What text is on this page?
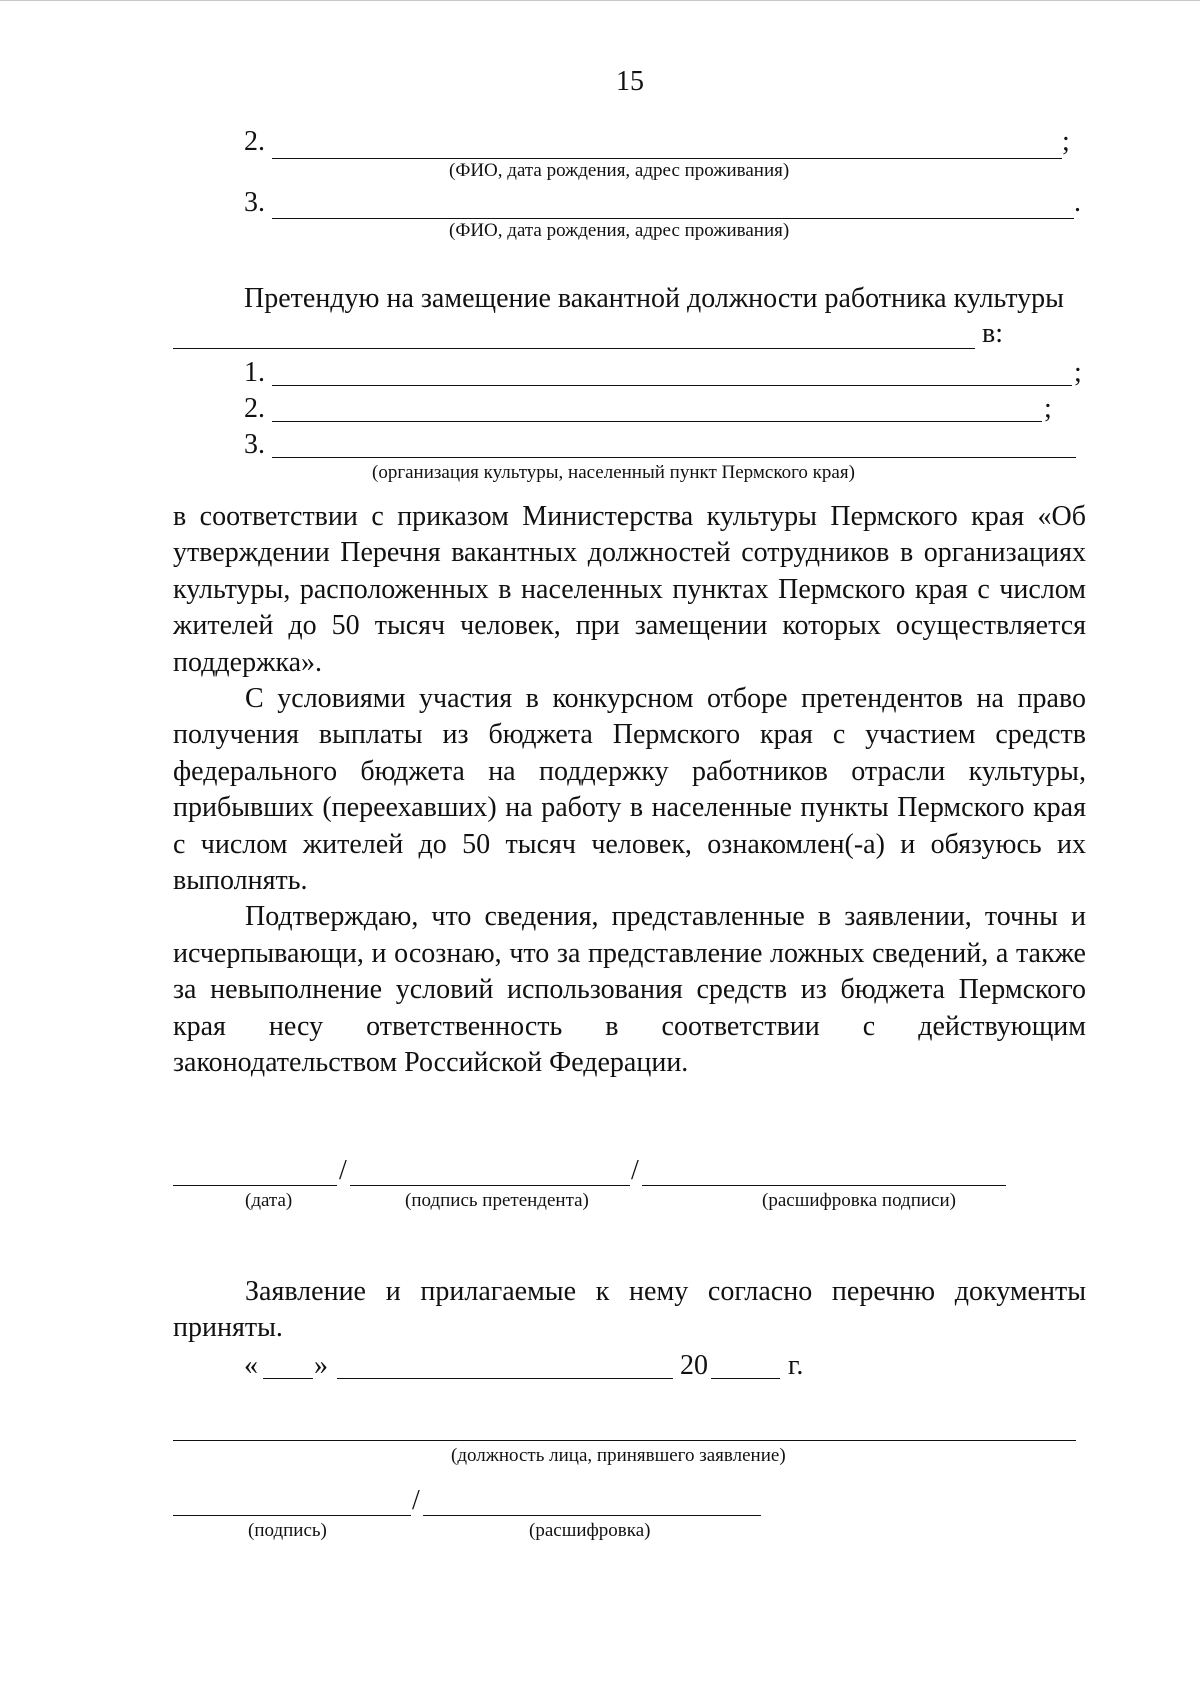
15
2.	;
(ФИО, дата рождения, адрес проживания)
3.	.
(ФИО, дата рождения, адрес проживания)
Претендую на замещение вакантной должности работника культуры
в:
1.	;
2.	;
3.
(организация культуры, населенный пункт Пермского края)

в соответствии с приказом Министерства культуры Пермского края «Об утверждении Перечня вакантных должностей сотрудников в организациях культуры, расположенных в населенных пунктах Пермского края с числом жителей до 50 тысяч человек, при замещении которых осуществляется поддержка».

С условиями участия в конкурсном отборе претендентов на право получения выплаты из бюджета Пермского края с участием средств федерального бюджета на поддержку работников отрасли культуры, прибывших (переехавших) на работу в населенные пункты Пермского края с числом жителей до 50 тысяч человек, ознакомлен(-а) и обязуюсь их выполнять.

Подтверждаю, что сведения, представленные в заявлении, точны и исчерпывающи, и осознаю, что за представление ложных сведений, а также за невыполнение условий использования средств из бюджета Пермского края несу ответственность в соответствии с действующим законодательством Российской Федерации.

/	/
(дата)	(подпись претендента)	(расшифровка подписи)
Заявление и прилагаемые к нему согласно перечню документы приняты.
« »	20	г.
(должность лица, принявшего заявление)
/
(подпись)	(расшифровка)
